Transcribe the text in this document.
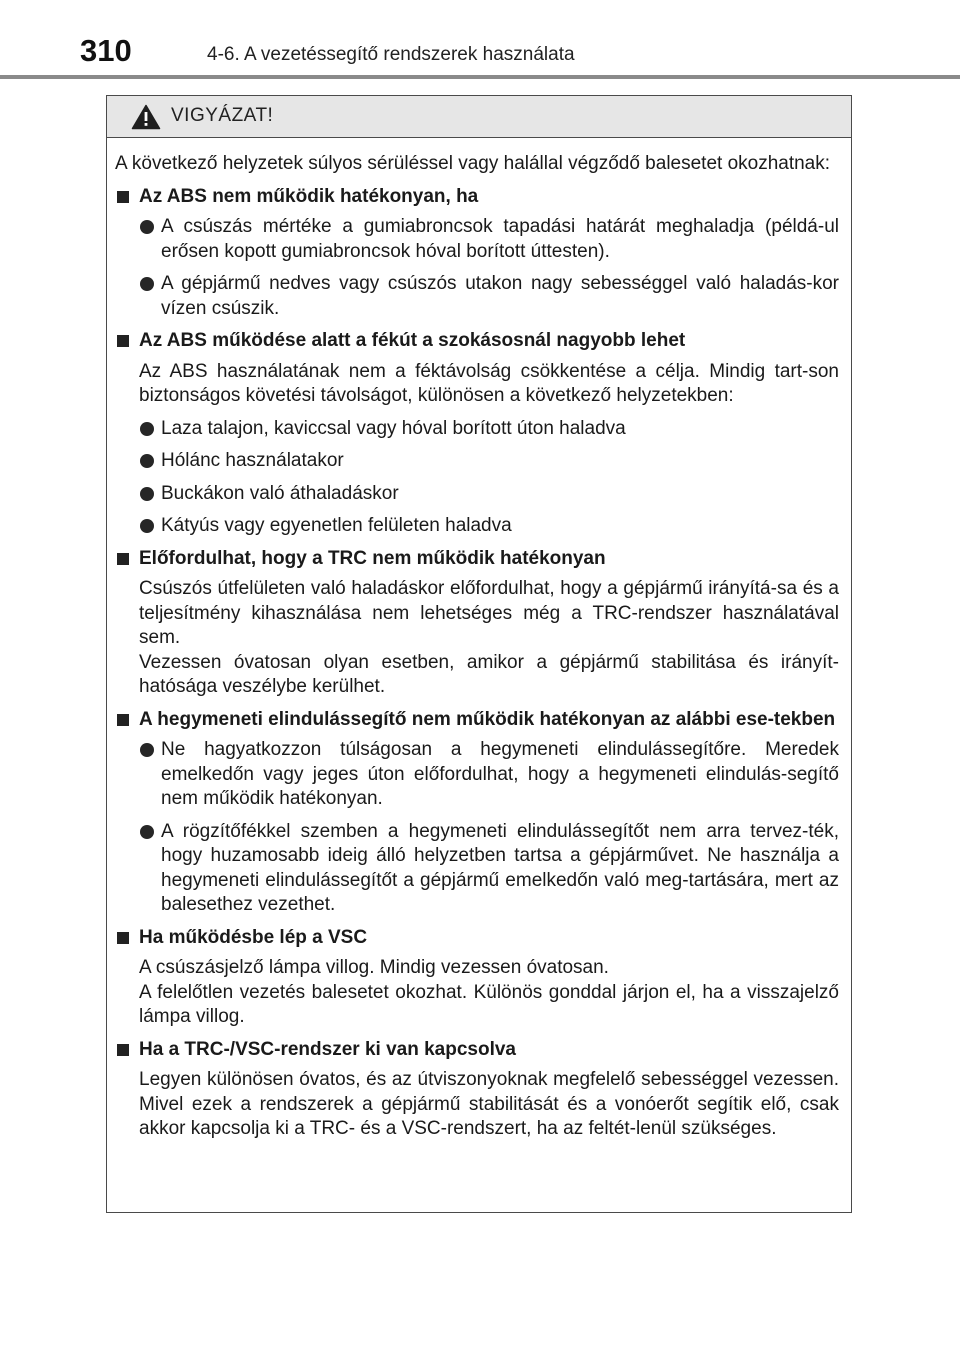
310	4-6. A vezetéssegítő rendszerek használata
VIGYÁZAT!

A következő helyzetek súlyos sérüléssel vagy halállal végződő balesetet okozhatnak:

Az ABS nem működik hatékonyan, ha
A csúszás mértéke a gumiabroncsok tapadási határát meghaladja (példá-ul erősen kopott gumiabroncsok hóval borított úttesten).
A gépjármű nedves vagy csúszós utakon nagy sebességgel való haladás-kor vízen csúszik.
Az ABS működése alatt a fékút a szokásosnál nagyobb lehet

Az ABS használatának nem a féktávolság csökkentése a célja. Mindig tart-son biztonságos követési távolságot, különösen a következő helyzetekben:

Laza talajon, kaviccsal vagy hóval borított úton haladva
Hólánc használatakor
Buckákon való áthaladáskor
Kátyús vagy egyenetlen felületen haladva
Előfordulhat, hogy a TRC nem működik hatékonyan
Csúszós útfelületen való haladáskor előfordulhat, hogy a gépjármű irányítá-sa és a teljesítmény kihasználása nem lehetséges még a TRC-rendszer használatával sem.
Vezessen óvatosan olyan esetben, amikor a gépjármű stabilitása és irányít-hatósága veszélybe kerülhet.
A hegymeneti elindulássegítő nem működik hatékonyan az alábbi ese-tekben
Ne hagyatkozzon túlságosan a hegymeneti elindulássegítőre. Meredek emelkedőn vagy jeges úton előfordulhat, hogy a hegymeneti elindulás-segítő nem működik hatékonyan.
A rögzítőfékkel szemben a hegymeneti elindulássegítőt nem arra tervez-ték, hogy huzamosabb ideig álló helyzetben tartsa a gépjárművet. Ne használja a hegymeneti elindulássegítőt a gépjármű emelkedőn való meg-tartására, mert az balesethez vezethet.
Ha működésbe lép a VSC
A csúszásjelző lámpa villog. Mindig vezessen óvatosan.
A felelőtlen vezetés balesetet okozhat. Különös gonddal járjon el, ha a visszajelző lámpa villog.
Ha a TRC-/VSC-rendszer ki van kapcsolva

Legyen különösen óvatos, és az útviszonyoknak megfelelő sebességgel vezessen. Mivel ezek a rendszerek a gépjármű stabilitását és a vonóerőt segítik elő, csak akkor kapcsolja ki a TRC- és a VSC-rendszert, ha az feltét-lenül szükséges.
